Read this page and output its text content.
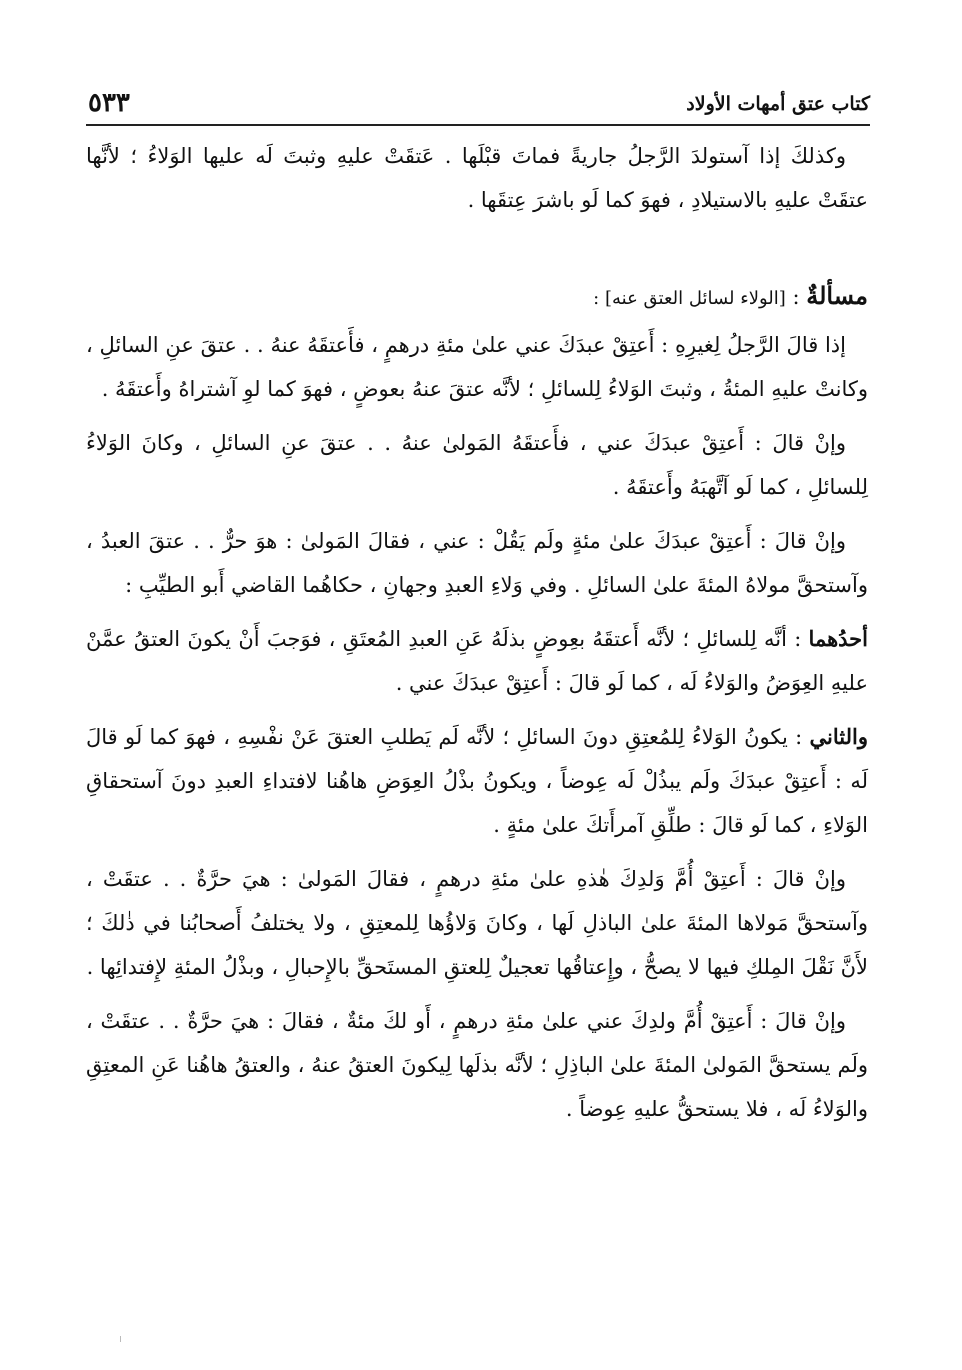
كتاب عتق أمهات الأولاد
٥٣٣

وكذلكَ إذا آستولدَ الرَّجلُ جاريةً فماتَ قبْلَها . عَتقَتْ عليهِ وثبتَ لَه عليها الوَلاءُ ؛ لأنَّها عتقَتْ عليهِ بالاستيلادِ ، فهوَ كما لَو باشرَ عِتقَها .

مسألةٌ : [الولاء لسائل العتق عنه] :

إذا قالَ الرَّجلُ لِغيرِهِ : أَعتِقْ عبدَكَ عني علىٰ مئةِ درهمٍ ، فأَعتقَهُ عنهُ . . عتقَ عنِ السائلِ ، وكانتْ عليهِ المئةُ ، وثبتَ الوَلاءُ لِلسائلِ ؛ لأنَّه عتقَ عنهُ بعوضٍ ، فهوَ كما لوِ آشتراهُ وأَعتقَهُ .

وإنْ قالَ : أَعتِقْ عبدَكَ عني ، فأَعتقَهُ المَولىٰ عنهُ . . عتقَ عنِ السائلِ ، وكانَ الوَلاءُ لِلسائلِ ، كما لَو آتَّهبَهُ وأَعتقَهُ .

وإنْ قالَ : أَعتِقْ عبدَكَ علىٰ مئةٍ ولَم يَقُلْ : عني ، فقالَ المَولىٰ : هوَ حرٌّ . . عتقَ العبدُ ، وآستحقَّ مولاهُ المئةَ علىٰ السائلِ . وفي وَلاءِ العبدِ وجهانِ ، حكاهُما القاضي أَبو الطيِّبِ :

أحدُهما : أنَّه لِلسائلِ ؛ لأنَّه أَعتقَهُ بعِوضٍ بذلَهُ عَنِ العبدِ المُعتَقِ ، فوَجبَ أَنْ يكونَ العتقُ عمَّنْ عليهِ العِوَضُ والوَلاءُ لَه ، كما لَو قالَ : أَعتِقْ عبدَكَ عني .

والثاني : يكونُ الوَلاءُ لِلمُعتِقِ دونَ السائلِ ؛ لأنَّه لَم يَطلبِ العتقَ عَنْ نفْسِهِ ، فهوَ كما لَو قالَ لَه : أَعتِقْ عبدَكَ ولَم يبذُلْ لَه عِوضاً ، ويكونُ بذْلُ العِوَضِ هاهُنا لافتداءِ العبدِ دونَ آستحقاقِ الوَلاءِ ، كما لَو قالَ : طلِّقِ آمرأَتكَ علىٰ مئةٍ .

وإنْ قالَ : أَعتِقْ أُمَّ وَلدِكَ هٰذهِ علىٰ مئةِ درهمٍ ، فقالَ المَولىٰ : هيَ حرَّةٌ . . عتقَتْ ، وآستحقَّ مَولاها المئةَ علىٰ الباذلِ لَها ، وكانَ وَلاؤُها لِلمعتِقِ ، ولا يختلفُ أَصحابُنا في ذٰلكَ ؛ لأَنَّ نَقْلَ المِلكِ فيها لا يصحُّ ، وإِعتاقُها تعجيلٌ لِلعتقِ المستَحقِّ بالإِحبالِ ، وبذْلُ المئةِ لإِفتدائِها .

وإنْ قالَ : أَعتِقْ أُمَّ ولدِكَ عني علىٰ مئةِ درهمٍ ، أَو لكَ مئةٌ ، فقالَ : هيَ حرَّةٌ . . عتقَتْ ، ولَم يستحقَّ المَولىٰ المئةَ علىٰ الباذِلِ ؛ لأنَّه بذلَها لِيكونَ العتقُ عنهُ ، والعتقُ هاهُنا عَنِ المعتِقِ والوَلاءُ لَه ، فلا يستحقُّ عليهِ عِوضاً .
